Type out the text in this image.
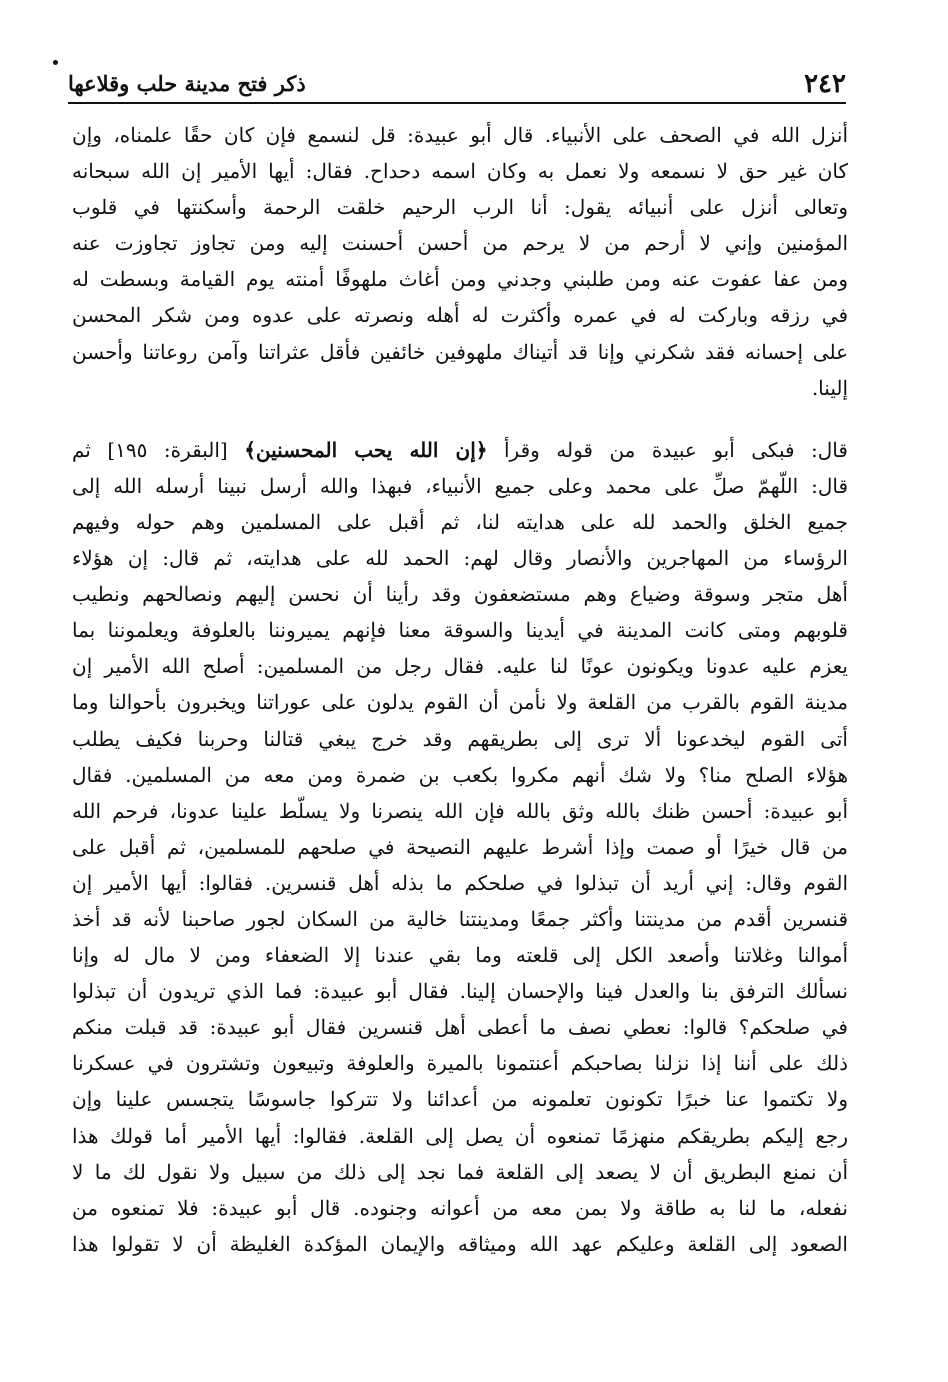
٢٤٢
ذكر فتح مدينة حلب وقلاعها
أنزل الله في الصحف على الأنبياء. قال أبو عبيدة: قل لنسمع فإن كان حقًا علمناه، وإن
كان غير حق لا نسمعه ولا نعمل به وكان اسمه دحداح. فقال: أيها الأمير إن الله سبحانه
وتعالى أنزل على أنبيائه يقول: أنا الرب الرحيم خلقت الرحمة وأسكنتها في قلوب
المؤمنين وإني لا أرحم من لا يرحم من أحسن أحسنت إليه ومن تجاوز تجاوزت عنه
ومن عفا عفوت عنه ومن طلبني وجدني ومن أغاث ملهوفًا أمنته يوم القيامة وبسطت له
في رزقه وباركت له في عمره وأكثرت له أهله ونصرته على عدوه ومن شكر المحسن
على إحسانه فقد شكرني وإنا قد أتيناك ملهوفين خائفين فأقل عثراتنا وآمن روعاتنا وأحسن
إلينا.
قال: فبكى أبو عبيدة من قوله وقرأ ﴿إن الله يحب المحسنين﴾ [البقرة: ١٩٥] ثم
قال: اللّهمّ صلِّ على محمد وعلى جميع الأنبياء، فبهذا والله أرسل نبينا أرسله الله إلى
جميع الخلق والحمد لله على هدايته لنا، ثم أقبل على المسلمين وهم حوله وفيهم
الرؤساء من المهاجرين والأنصار وقال لهم: الحمد لله على هدايته، ثم قال: إن هؤلاء
أهل متجر وسوقة وضياع وهم مستضعفون وقد رأينا أن نحسن إليهم ونصالحهم ونطيب
قلوبهم ومتى كانت المدينة في أيدينا والسوقة معنا فإنهم يميروننا بالعلوفة ويعلموننا بما
يعزم عليه عدونا ويكونون عونًا لنا عليه. فقال رجل من المسلمين: أصلح الله الأمير إن
مدينة القوم بالقرب من القلعة ولا نأمن أن القوم يدلون على عوراتنا ويخبرون بأحوالنا وما
أتى القوم ليخدعونا ألا ترى إلى بطريقهم وقد خرج يبغي قتالنا وحربنا فكيف يطلب
هؤلاء الصلح منا؟ ولا شك أنهم مكروا بكعب بن ضمرة ومن معه من المسلمين. فقال
أبو عبيدة: أحسن ظنك بالله وثق بالله فإن الله ينصرنا ولا يسلّط علينا عدونا، فرحم الله
من قال خيرًا أو صمت وإذا أشرط عليهم النصيحة في صلحهم للمسلمين، ثم أقبل على
القوم وقال: إني أريد أن تبذلوا في صلحكم ما بذله أهل قنسرين. فقالوا: أيها الأمير إن
قنسرين أقدم من مدينتنا وأكثر جمعًا ومدينتنا خالية من السكان لجور صاحبنا لأنه قد أخذ
أموالنا وغلاتنا وأصعد الكل إلى قلعته وما بقي عندنا إلا الضعفاء ومن لا مال له وإنا
نسألك الترفق بنا والعدل فينا والإحسان إلينا. فقال أبو عبيدة: فما الذي تريدون أن تبذلوا
في صلحكم؟ قالوا: نعطي نصف ما أعطى أهل قنسرين فقال أبو عبيدة: قد قبلت منكم
ذلك على أننا إذا نزلنا بصاحبكم أعنتمونا بالميرة والعلوفة وتبيعون وتشترون في عسكرنا
ولا تكتموا عنا خبرًا تكونون تعلمونه من أعدائنا ولا تتركوا جاسوسًا يتجسس علينا وإن
رجع إليكم بطريقكم منهزمًا تمنعوه أن يصل إلى القلعة. فقالوا: أيها الأمير أما قولك هذا
أن نمنع البطريق أن لا يصعد إلى القلعة فما نجد إلى ذلك من سبيل ولا نقول لك ما لا
نفعله، ما لنا به طاقة ولا بمن معه من أعوانه وجنوده. قال أبو عبيدة: فلا تمنعوه من
الصعود إلى القلعة وعليكم عهد الله وميثاقه والإيمان المؤكدة الغليظة أن لا تقولوا هذا
